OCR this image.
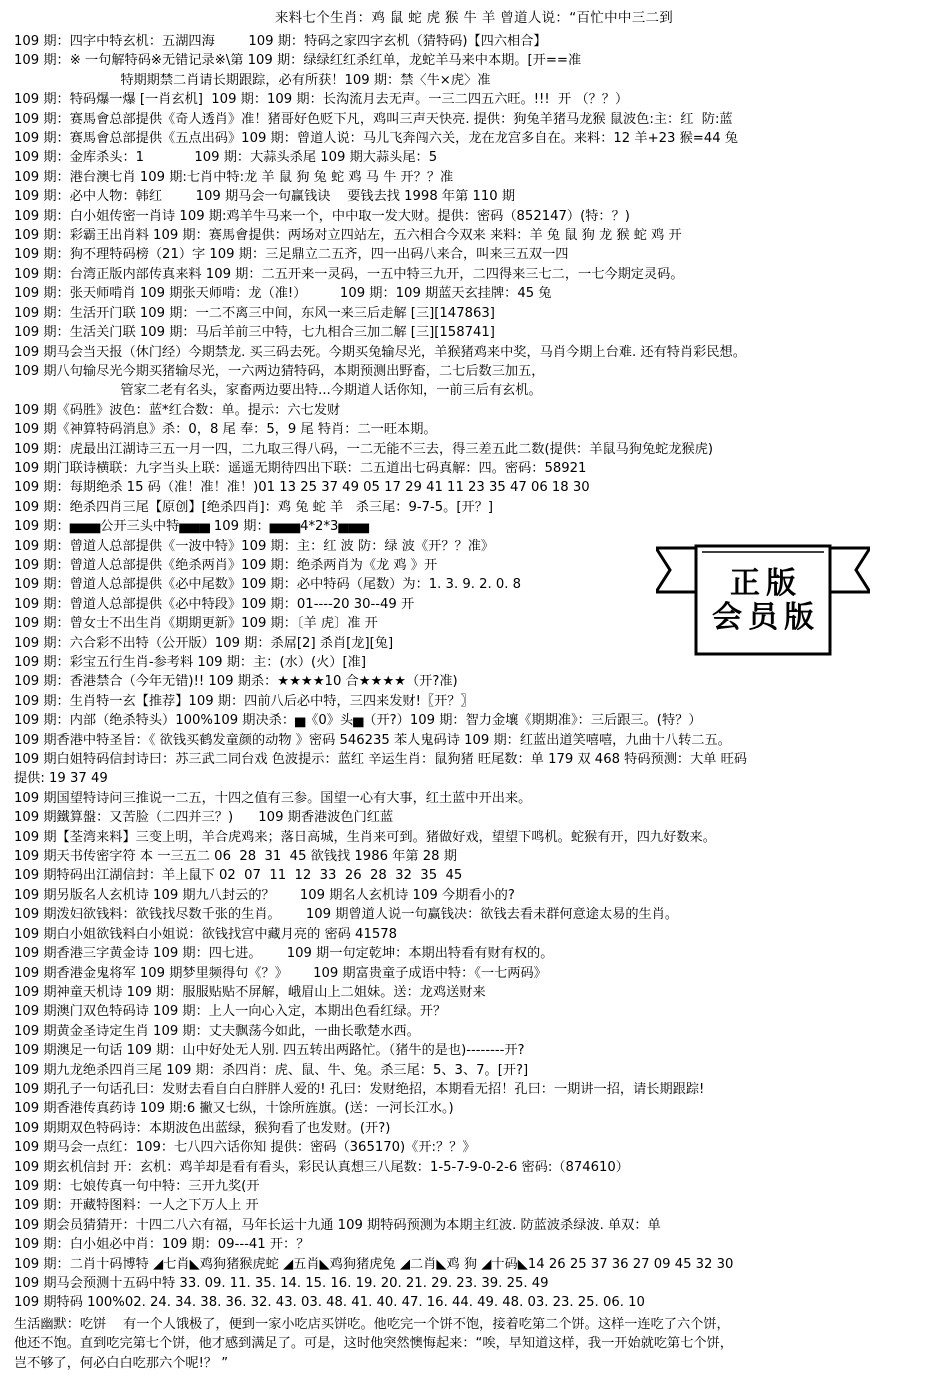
来料七个生肖：鸡 鼠 蛇 虎 猴 牛 羊 曾道人说：“百忙中中三二到
109 期：四字中特玄机：五湖四海        109 期：特码之家四字玄机（猜特码)【四六相合】
109 期：※ 一句解特码※无错记录※\第 109 期：绿绿红红杀红单，龙蛇羊马来中本期。[开==准
特期期禁二肖请长期跟踪，必有所获！109 期：禁〈牛×虎〉准
109 期：特码爆一爆 [一肖玄机]  109 期：109 期：长沟流月去无声。一三二四五六旺。!!!  开 （？？）
109 期：赛馬會总部提供《奇人透肖》准！猪哥好色贬下凡，鸡叫三声天快亮. 提供：狗兔羊猪马龙猴 鼠波色:主：红  防:蓝
109 期：赛馬會总部提供《五点出码》109 期：曾道人说：马儿飞奔闯六关，龙在龙宫多自在。来料：12 羊+23 猴=44 兔
109 期：金库杀头：1            109 期：大蒜头杀尾 109 期大蒜头尾：5
109 期：港台澳七肖 109 期:七肖中特:龙 羊 鼠 狗 兔 蛇 鸡 马 牛 开？？准
109 期：必中人物：韩红        109 期马会一句赢钱诀    要钱去找 1998 年第 110 期
109 期：白小姐传密一肖诗 109 期:鸡羊牛马来一个，中中取一发大财。提供：密码（852147）(特：？)
109 期：彩霸王出肖料 109 期：赛馬會提供：两场对立四站左，五六相合今双来 来料：羊 兔 鼠 狗 龙 猴 蛇 鸡 开
109 期：狗不理特码榜（21）字 109 期：三足鼎立二五齐，四一出码八来合，叫来三五双一四
109 期：台湾正版内部传真来料 109 期：二五开来一灵码，一五中特三九开，二四得来三七二，一七今期定灵码。
109 期：张天师啃肖 109 期张天师啃：龙（准!）        109 期：109 期蓝天玄挂牌：45 兔
109 期：生活开门联 109 期：一二不离三中间，东风一来三后走解 [三][147863]
109 期：生活关门联 109 期：马后羊前三中特，七九相合三加二解 [三][158741]
109 期马会当天报（休门经）今期禁龙. 买三码去死。今期买兔输尽光，羊猴猪鸡来中奖，马肖今期上台难. 还有特肖彩民想。
109 期八句输尽光今期买猪输尽光，一六两边猜特码，本期预测出野畜，二七后数三加五，
管家二老有名头，家畜两边要出特...今期道人话你知，一前三后有玄机。
109 期《码胜》波色：蓝*红合数：单。提示：六七发财
109 期《神算特码消息》杀：0，8 尾 奉：5，9 尾 特肖：二一旺本期。
109 期：虎最出江湖诗三五一月一四，二九取三得八码，一二无能不三去，得三差五此二数(提供：羊鼠马狗兔蛇龙猴虎)
109 期门联诗横联：九字当头上联：遥遥无期待四出下联：二五道出七码真解：四。密码：58921
109 期：每期绝杀 15 码（准！准！准！)01 13 25 37 49 05 17 29 41 11 23 35 47 06 18 30
109 期：绝杀四肖三尾【原创】[绝杀四肖]：鸡 兔 蛇 羊   杀三尾：9-7-5。[开？]
109 期：▅▅▅公开三头中特▅▅▅ 109 期：▅▅▅4*2*3▅▅▅
109 期：曾道人总部提供《一波中特》109 期：主：红 波 防：绿 波《开？？准》
109 期：曾道人总部提供《绝杀两肖》109 期：绝杀两肖为《龙 鸡 》开
109 期：曾道人总部提供《必中尾数》109 期：必中特码（尾数）为：1. 3. 9. 2. 0. 8
109 期：曾道人总部提供《必中特段》109 期：01----20 30--49 开
109 期：曾女士不出生肖《期期更新》109 期：〔羊 虎〕准 开
109 期：六合彩不出特（公开版）109 期：杀屌[2] 杀肖[龙][兔]
109 期：彩宝五行生肖-参考料 109 期：主：(水）(火）[准]
109 期：香港禁合（今年无错)!! 109 期杀：★★★★10 合★★★★（开?准)
109 期：生肖特一玄【推荐】109 期：四前八后必中特，三四来发财!〖开？〗
109 期：内部（绝杀特头）100%109 期决杀：▅《0》头▅（开?）109 期：智力金壤《期期准》：三后跟三。(特？）
109 期香港中特圣旨：《 欲钱买鹤发童颜的动物 》密码 546235 苯人鬼码诗 109 期：红蓝出道笑嘻嘻，九曲十八转二五。
109 期白姐特码信封诗曰：苏三武二同台戏 色波提示：蓝红 辛运生肖：鼠狗猪 旺尾数：单 179 双 468 特码预测：大单 旺码
提供: 19 37 49
109 期国望特诗问三推说一二五，十四之值有三参。国望一心有大事，红土蓝中开出来。
109 期鐵算盤：又苦脸（二四并三？)      109 期香港波色门红蓝
109 期【荃湾来料】三变上明，羊合虎鸡来；落日高城，生肖来可到。猪做好戏，望望下鸣机。蛇猴有开，四九好数来。
109 期天书传密字符 本 一三五二 06  28  31  45 欲钱找 1986 年第 28 期
109 期特码出江湖信封：羊上鼠下 02  07  11  12  33  26  28  32  35  45
109 期另版名人玄机诗 109 期九八封云的？      109 期名人玄机诗 109 今期看小的?
109 期泼妇欲钱料：欲钱找尽数千张的生肖。      109 期曾道人说一句赢钱决：欲钱去看未群何意途太易的生肖。
109 期白小姐欲钱料白小姐说：欲钱找宫中藏月亮的 密码 41578
109 期香港三字黄金诗 109 期：四七进。      109 期一句定乾坤：本期出特看有财有权的。
109 期香港金鬼将军 109 期梦里频得句《？》      109 期富贵童子成语中特：《一七两码》
109 期神童天机诗 109 期：服服贴贴不屏解，峨眉山上二姐妹。送：龙鸡送财来
109 期澳门双色特码诗 109 期：上人一向心入定，本期出色看红绿。开？
109 期黄金圣诗定生肖 109 期：丈夫飘荡今如此，一曲长歌楚水西。
109 期澳足一句话 109 期：山中好处无人别. 四五转出两路忙。（猪牛的是也)--------开?
109 期九龙绝杀四肖三尾 109 期：杀四肖：虎、鼠、牛、兔。杀三尾：5、3、7。[开?]
109 期孔子一句话孔曰：发财去看自白白胖胖人爱的! 孔曰：发财绝招，本期看无招！孔曰：一期讲一招，请长期跟踪!
109 期香港传真药诗 109 期:6 撇又七纵，十馀所旌旗。(送：一河长江水。)
109 期期双色特码诗：本期波色出蓝绿，猴狗看了也发财。(开?)
109 期马会一点红：109：七八四六话你知 提供：密码（365170)《开:？？》
109 期玄机信封 开：玄机：鸡羊却是看有看头，彩民认真想三八尾数：1-5-7-9-0-2-6 密码:（874610）
109 期：七娘传真一句中特：三开九奖(开
109 期：开藏特图料：一人之下万人上 开
109 期会员猜猜开：十四二八六有福，马年长运十九通 109 期特码预测为本期主红波. 防蓝波杀绿波. 单双：单
109 期：白小姐必中肖：109 期：09---41 开：？
109 期：二肖十码博特 ◢七肖◣鸡狗猪猴虎蛇 ◢五肖◣鸡狗猪虎兔 ◢二肖◣鸡 狗 ◢十码◣14 26 25 37 36 27 09 45 32 30
109 期马会预测十五码中特 33. 09. 11. 35. 14. 15. 16. 19. 20. 21. 29. 23. 39. 25. 49
109 期特码 100%02. 24. 34. 38. 36. 32. 43. 03. 48. 41. 40. 47. 16. 44. 49. 48. 03. 23. 25. 06. 10
正版
会员版
生活幽默：吃饼    有一个人饿极了，便到一家小吃店买饼吃。他吃完一个饼不饱，接着吃第二个饼。这样一连吃了六个饼，
他还不饱。直到吃完第七个饼，他才感到满足了。可是，这时他突然懊悔起来：“唉，早知道这样，我一开始就吃第七个饼，
岂不够了，何必白白吃那六个呢!？ ”
